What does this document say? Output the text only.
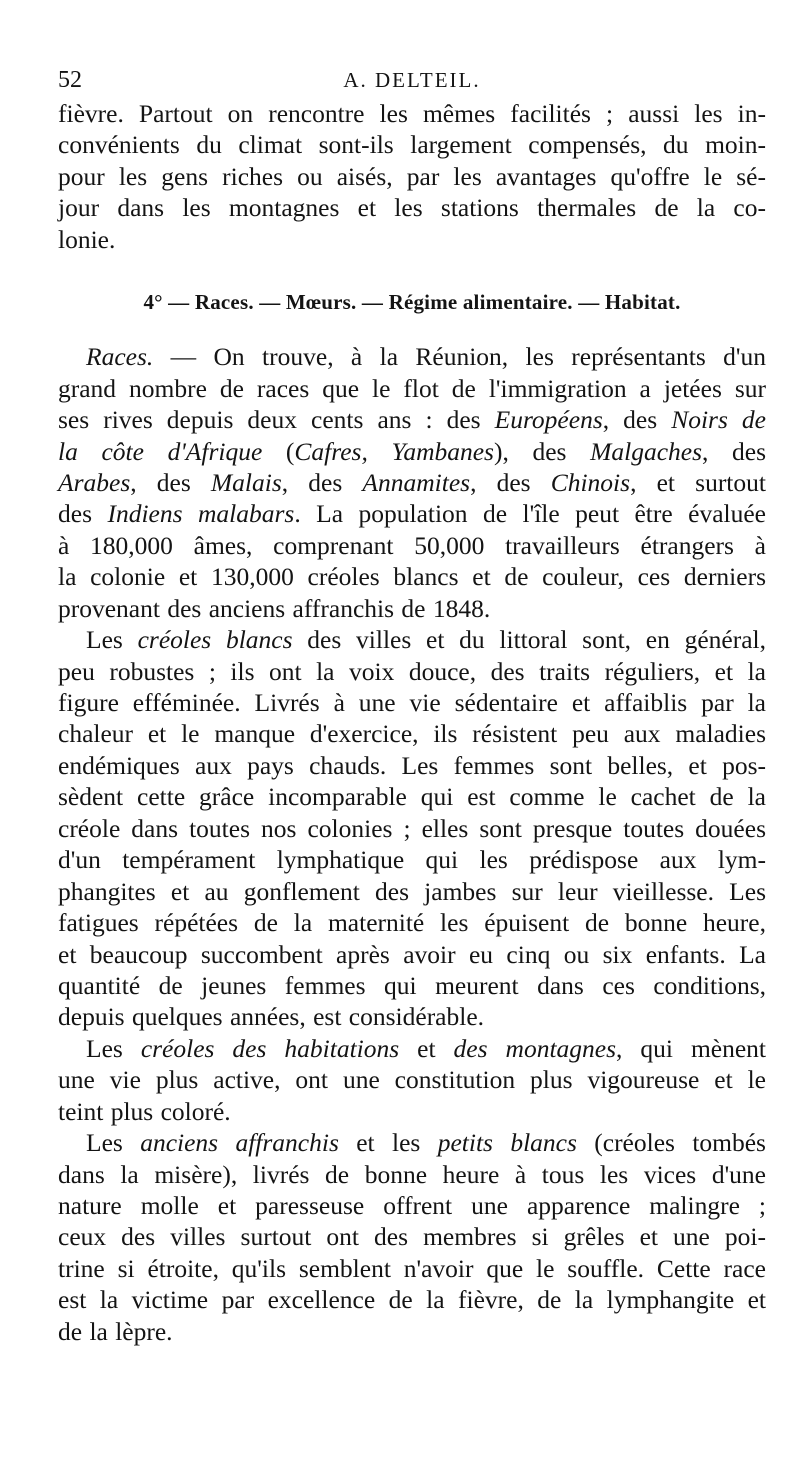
52	A. DELTEIL.
fièvre. Partout on rencontre les mêmes facilités ; aussi les in-
convénients du climat sont-ils largement compensés, du moin-
pour les gens riches ou aisés, par les avantages qu'offre le sé-
jour dans les montagnes et les stations thermales de la co-
lonie.
4° — Races. — Mœurs. — Régime alimentaire. — Habitat.
Races. — On trouve, à la Réunion, les représentants d'un
grand nombre de races que le flot de l'immigration a jetées sur
ses rives depuis deux cents ans : des Européens, des Noirs de
la côte d'Afrique (Cafres, Yambanes), des Malgaches, des
Arabes, des Malais, des Annamites, des Chinois, et surtout
des Indiens malabars. La population de l'île peut être évaluée
à 180,000 âmes, comprenant 50,000 travailleurs étrangers à
la colonie et 130,000 créoles blancs et de couleur, ces derniers
provenant des anciens affranchis de 1848.
Les créoles blancs des villes et du littoral sont, en général,
peu robustes ; ils ont la voix douce, des traits réguliers, et la
figure efféminée. Livrés à une vie sédentaire et affaiblis par la
chaleur et le manque d'exercice, ils résistent peu aux maladies
endémiques aux pays chauds. Les femmes sont belles, et pos-
sèdent cette grâce incomparable qui est comme le cachet de la
créole dans toutes nos colonies ; elles sont presque toutes douées
d'un tempérament lymphatique qui les prédispose aux lym-
phangites et au gonflement des jambes sur leur vieillesse. Les
fatigues répétées de la maternité les épuisent de bonne heure,
et beaucoup succombent après avoir eu cinq ou six enfants. La
quantité de jeunes femmes qui meurent dans ces conditions,
depuis quelques années, est considérable.
Les créoles des habitations et des montagnes, qui mènent
une vie plus active, ont une constitution plus vigoureuse et le
teint plus coloré.
Les anciens affranchis et les petits blancs (créoles tombés
dans la misère), livrés de bonne heure à tous les vices d'une
nature molle et paresseuse offrent une apparence malingre ;
ceux des villes surtout ont des membres si grêles et une poi-
trine si étroite, qu'ils semblent n'avoir que le souffle. Cette race
est la victime par excellence de la fièvre, de la lymphangite et
de la lèpre.
